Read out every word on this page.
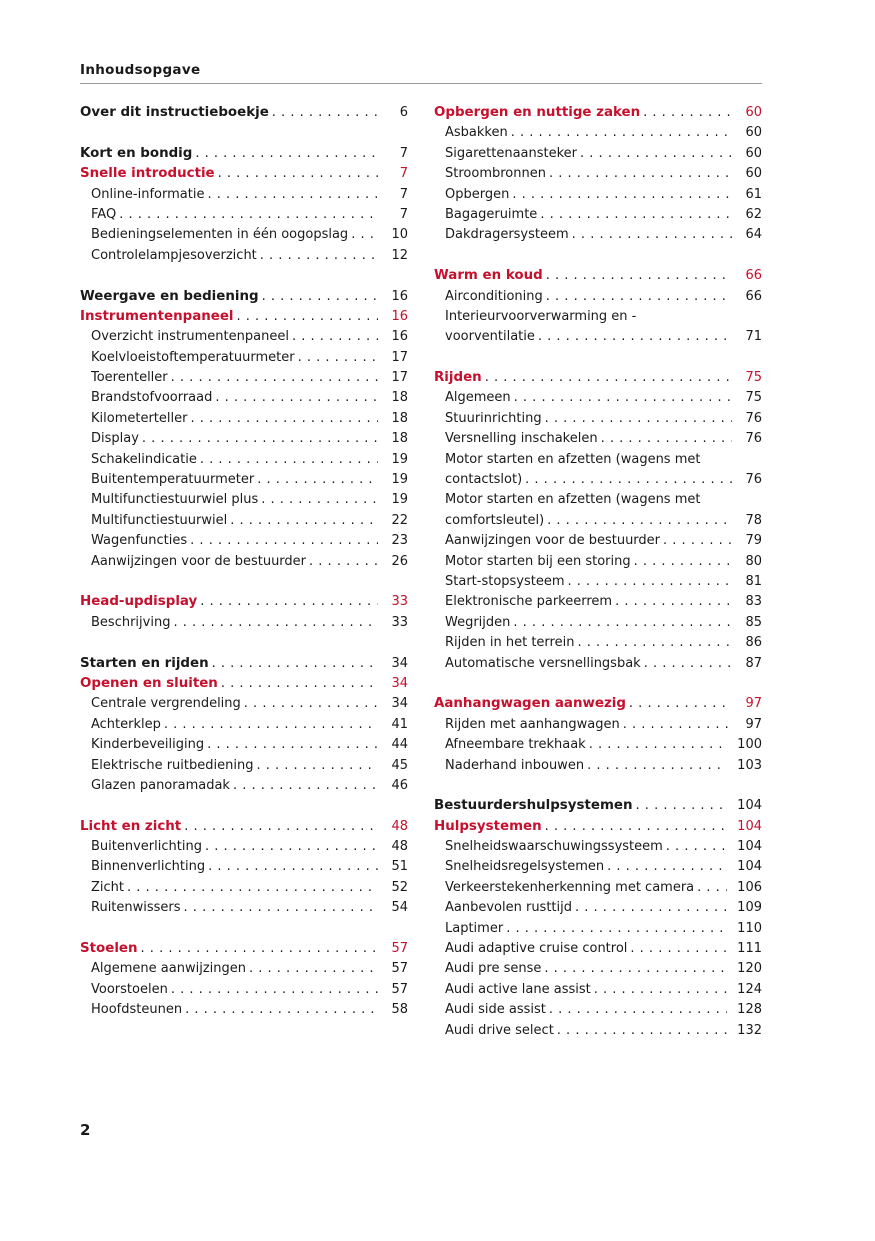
Inhoudsopgave
Over dit instructieboekje . . .	6
Kort en bondig . . .	7
Snelle introductie . . .	7
Online-informatie . . .	7
FAQ . . .	7
Bedieningselementen in één oogopslag . . .	10
Controlelampjesoverzicht . . .	12
Weergave en bediening . . .	16
Instrumentenpaneel . . .	16
Overzicht instrumentenpaneel . . .	16
Koelvloeistoftemperatuurmeter . . .	17
Toerenteller . . .	17
Brandstofvoorraad . . .	18
Kilometerteller . . .	18
Display . . .	18
Schakelindicatie . . .	19
Buitentemperatuurmeter . . .	19
Multifunctiestuurwiel plus . . .	19
Multifunctiestuurwiel . . .	22
Wagenfuncties . . .	23
Aanwijzingen voor de bestuurder . . .	26
Head-updisplay . . .	33
Beschrijving . . .	33
Starten en rijden . . .	34
Openen en sluiten . . .	34
Centrale vergrendeling . . .	34
Achterklep . . .	41
Kinderbeveiliging . . .	44
Elektrische ruitbediening . . .	45
Glazen panoramadak . . .	46
Licht en zicht . . .	48
Buitenverlichting . . .	48
Binnenverlichting . . .	51
Zicht . . .	52
Ruitenwissers . . .	54
Stoelen . . .	57
Algemene aanwijzingen . . .	57
Voorstoelen . . .	57
Hoofdsteunen . . .	58
Opbergen en nuttige zaken . . .	60
Asbakken . . .	60
Sigarettenaansteker . . .	60
Stroombronnen . . .	60
Opbergen . . .	61
Bagageruimte . . .	62
Dakdragersysteem . . .	64
Warm en koud . . .	66
Airconditioning . . .	66
Interieurvoorverwarming en -
voorventilatie . . .	71
Rijden . . .	75
Algemeen . . .	75
Stuurinrichting . . .	76
Versnelling inschakelen . . .	76
Motor starten en afzetten (wagens met
contactslot) . . .	76
Motor starten en afzetten (wagens met
comfortsleutel) . . .	78
Aanwijzingen voor de bestuurder . . .	79
Motor starten bij een storing . . .	80
Start-stopsysteem . . .	81
Elektronische parkeerrem . . .	83
Wegrijden . . .	85
Rijden in het terrein . . .	86
Automatische versnellingsbak . . .	87
Aanhangwagen aanwezig . . .	97
Rijden met aanhangwagen . . .	97
Afneembare trekhaak . . .	100
Naderhand inbouwen . . .	103
Bestuurdershulpsystemen . . .	104
Hulpsystemen . . .	104
Snelheidswaarschuwingssysteem . . .	104
Snelheidsregelsystemen . . .	104
Verkeerstekenherkenning met camera . . .	106
Aanbevolen rusttijd . . .	109
Laptimer . . .	110
Audi adaptive cruise control . . .	111
Audi pre sense . . .	120
Audi active lane assist . . .	124
Audi side assist . . .	128
Audi drive select . . .	132
2
